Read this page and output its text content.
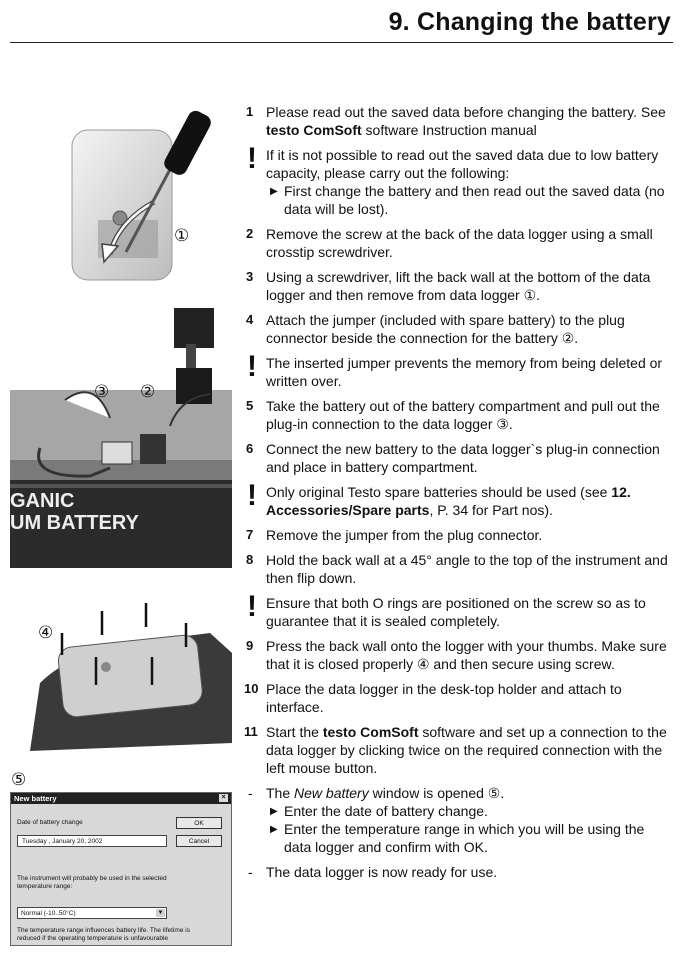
9. Changing the battery
①
③ ②
GANIC
UM BATTERY
④
⑤
New battery	×
Date of battery change
Tuesday , January 20, 2002
OK
Cancel
The instrument will probably be used in the selected
temperature range:
Normal (-10..50°C)	▼
The temperature range influences battery life. The lifetime is
reduced if the operating temperature is unfavourable
1 Please read out the saved data before changing the battery. See testo ComSoft software Instruction manual
! If it is not possible to read out the saved data due to low battery capacity, please carry out the following:
▶ First change the battery and then read out the saved data (no data will be lost).
2 Remove the screw at the back of the data logger using a small crosstip screwdriver.
3 Using a screwdriver, lift the back wall at the bottom of the data logger and then remove from data logger ①.
4 Attach the jumper (included with spare battery) to the plug connector beside the connection for the battery ②.
! The inserted jumper prevents the memory from being deleted or written over.
5 Take the battery out of the battery compartment and pull out the plug-in connection to the data logger ③.
6 Connect the new battery to the data logger`s plug-in connection and place in battery compartment.
! Only original Testo spare batteries should be used (see 12. Accessories/Spare parts, P. 34 for Part nos).
7 Remove the jumper from the plug connector.
8 Hold the back wall at a 45° angle to the top of the instrument and then flip down.
! Ensure that both O rings are positioned on the screw so as to guarantee that it is sealed completely.
9 Press the back wall onto the logger with your thumbs. Make sure that it is closed properly ④ and then secure using screw.
10 Place the data logger in the desk-top holder and attach to interface.
11 Start the testo ComSoft software and set up a connection to the data logger by clicking twice on the required connection with the left mouse button.
- The New battery window is opened ⑤.
▶ Enter the date of battery change.
▶ Enter the temperature range in which you will be using the data logger and confirm with OK.
- The data logger is now ready for use.
